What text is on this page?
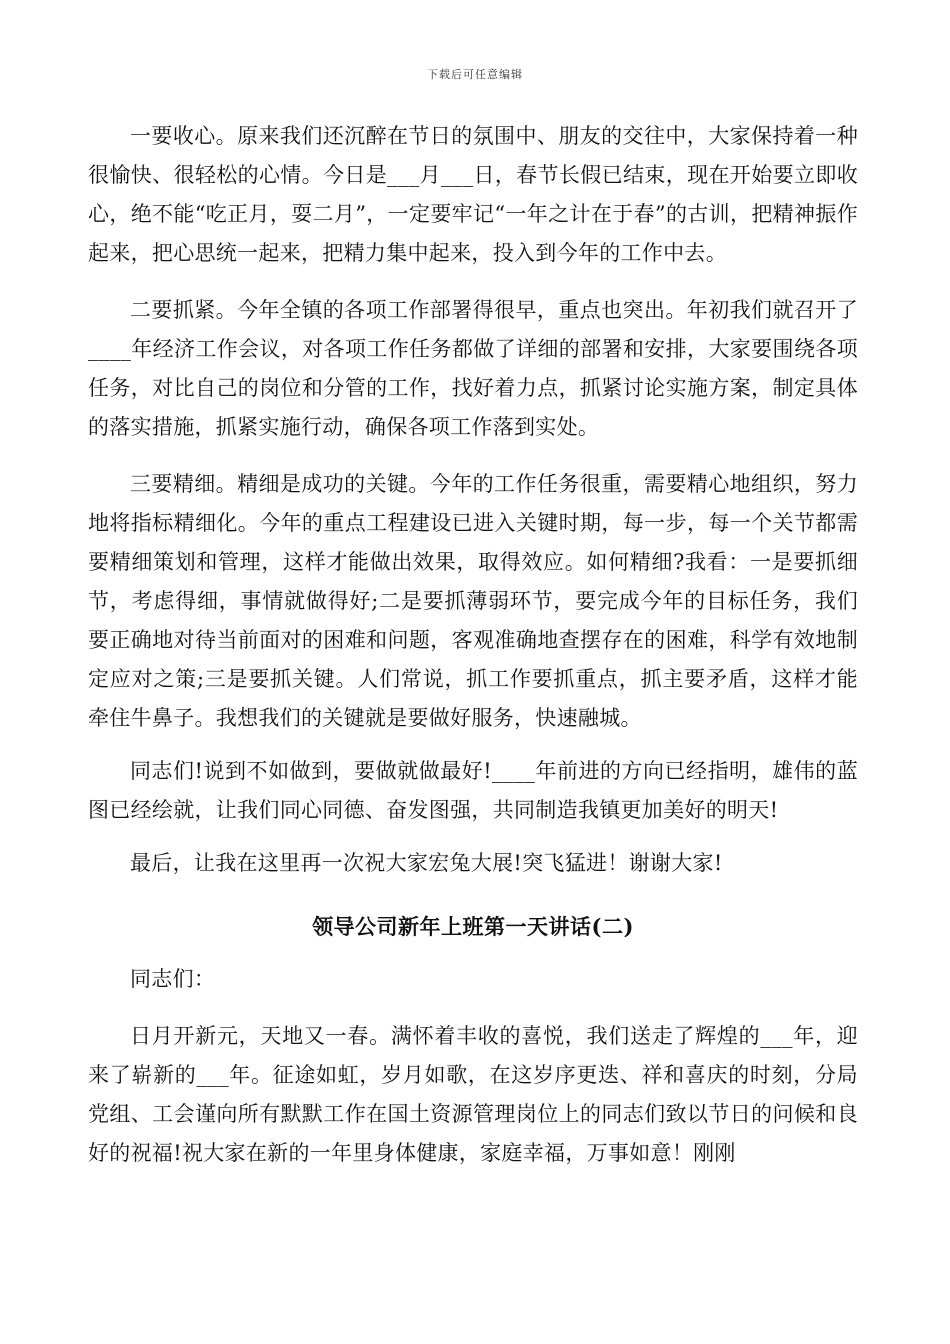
下载后可任意编辑

一要收心。原来我们还沉醉在节日的氛围中、朋友的交往中，大家保持着一种很愉快、很轻松的心情。今日是___月___日，春节长假已结束，现在开始要立即收心，绝不能“吃正月，耍二月”，一定要牢记“一年之计在于春”的古训，把精神振作起来，把心思统一起来，把精力集中起来，投入到今年的工作中去。

二要抓紧。今年全镇的各项工作部署得很早，重点也突出。年初我们就召开了____年经济工作会议，对各项工作任务都做了详细的部署和安排，大家要围绕各项任务，对比自己的岗位和分管的工作，找好着力点，抓紧讨论实施方案，制定具体的落实措施，抓紧实施行动，确保各项工作落到实处。

三要精细。精细是成功的关键。今年的工作任务很重，需要精心地组织，努力地将指标精细化。今年的重点工程建设已进入关键时期，每一步，每一个关节都需要精细策划和管理，这样才能做出效果，取得效应。如何精细?我看：一是要抓细节，考虑得细，事情就做得好;二是要抓薄弱环节，要完成今年的目标任务，我们要正确地对待当前面对的困难和问题，客观准确地查摆存在的困难，科学有效地制定应对之策;三是要抓关键。人们常说，抓工作要抓重点，抓主要矛盾，这样才能牵住牛鼻子。我想我们的关键就是要做好服务，快速融城。

同志们!说到不如做到，要做就做最好!____年前进的方向已经指明，雄伟的蓝图已经绘就，让我们同心同德、奋发图强，共同制造我镇更加美好的明天!

最后，让我在这里再一次祝大家宏兔大展!突飞猛进！谢谢大家!

领导公司新年上班第一天讲话(二)

同志们：

日月开新元，天地又一春。满怀着丰收的喜悦，我们送走了辉煌的___年，迎来了崭新的___年。征途如虹，岁月如歌，在这岁序更迭、祥和喜庆的时刻，分局党组、工会谨向所有默默工作在国土资源管理岗位上的同志们致以节日的问候和良好的祝福!祝大家在新的一年里身体健康，家庭幸福，万事如意！刚刚
